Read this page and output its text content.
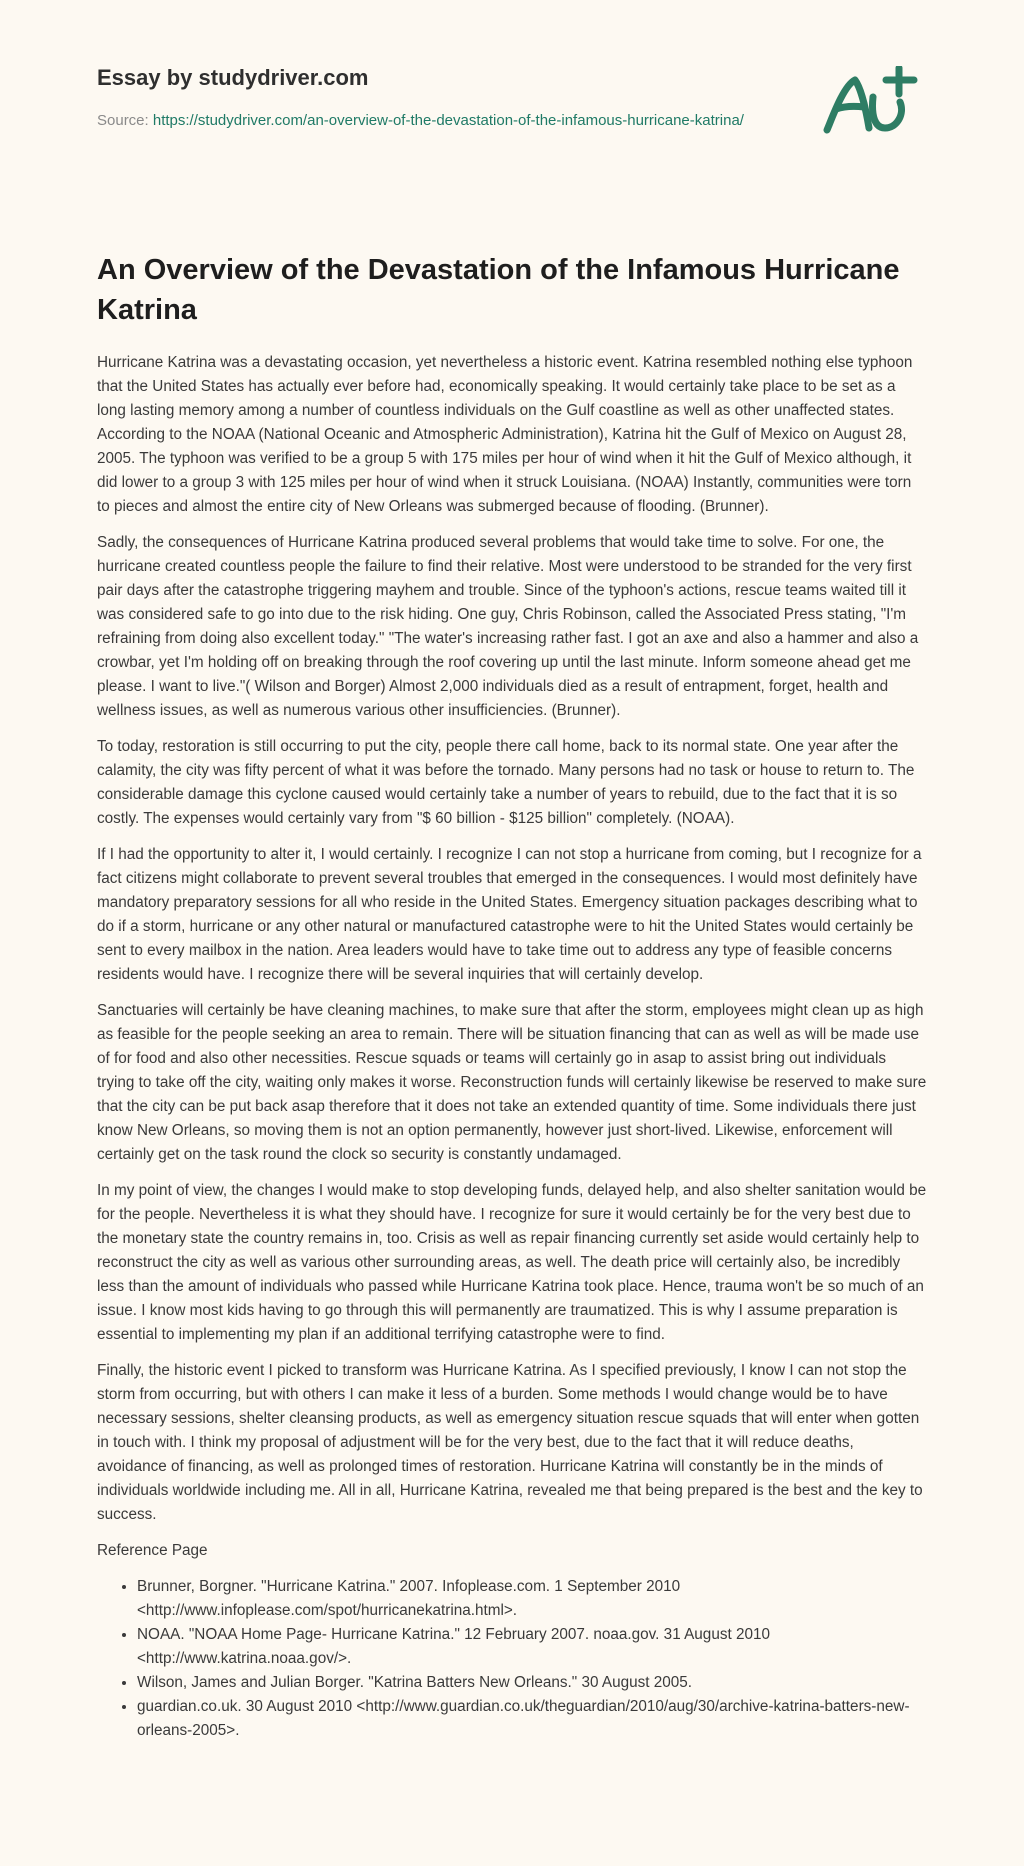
Essay by studydriver.com
Source: https://studydriver.com/an-overview-of-the-devastation-of-the-infamous-hurricane-katrina/
An Overview of the Devastation of the Infamous Hurricane Katrina

Hurricane Katrina was a devastating occasion, yet nevertheless a historic event. Katrina resembled nothing else typhoon that the United States has actually ever before had, economically speaking. It would certainly take place to be set as a long lasting memory among a number of countless individuals on the Gulf coastline as well as other unaffected states. According to the NOAA (National Oceanic and Atmospheric Administration), Katrina hit the Gulf of Mexico on August 28, 2005. The typhoon was verified to be a group 5 with 175 miles per hour of wind when it hit the Gulf of Mexico although, it did lower to a group 3 with 125 miles per hour of wind when it struck Louisiana. (NOAA) Instantly, communities were torn to pieces and almost the entire city of New Orleans was submerged because of flooding. (Brunner).

Sadly, the consequences of Hurricane Katrina produced several problems that would take time to solve. For one, the hurricane created countless people the failure to find their relative. Most were understood to be stranded for the very first pair days after the catastrophe triggering mayhem and trouble. Since of the typhoon's actions, rescue teams waited till it was considered safe to go into due to the risk hiding. One guy, Chris Robinson, called the Associated Press stating, "I'm refraining from doing also excellent today." "The water's increasing rather fast. I got an axe and also a hammer and also a crowbar, yet I'm holding off on breaking through the roof covering up until the last minute. Inform someone ahead get me please. I want to live."( Wilson and Borger) Almost 2,000 individuals died as a result of entrapment, forget, health and wellness issues, as well as numerous various other insufficiencies. (Brunner).

To today, restoration is still occurring to put the city, people there call home, back to its normal state. One year after the calamity, the city was fifty percent of what it was before the tornado. Many persons had no task or house to return to. The considerable damage this cyclone caused would certainly take a number of years to rebuild, due to the fact that it is so costly. The expenses would certainly vary from "$ 60 billion - $125 billion" completely. (NOAA).

If I had the opportunity to alter it, I would certainly. I recognize I can not stop a hurricane from coming, but I recognize for a fact citizens might collaborate to prevent several troubles that emerged in the consequences. I would most definitely have mandatory preparatory sessions for all who reside in the United States. Emergency situation packages describing what to do if a storm, hurricane or any other natural or manufactured catastrophe were to hit the United States would certainly be sent to every mailbox in the nation. Area leaders would have to take time out to address any type of feasible concerns residents would have. I recognize there will be several inquiries that will certainly develop.

Sanctuaries will certainly be have cleaning machines, to make sure that after the storm, employees might clean up as high as feasible for the people seeking an area to remain. There will be situation financing that can as well as will be made use of for food and also other necessities. Rescue squads or teams will certainly go in asap to assist bring out individuals trying to take off the city, waiting only makes it worse. Reconstruction funds will certainly likewise be reserved to make sure that the city can be put back asap therefore that it does not take an extended quantity of time. Some individuals there just know New Orleans, so moving them is not an option permanently, however just short-lived. Likewise, enforcement will certainly get on the task round the clock so security is constantly undamaged.

In my point of view, the changes I would make to stop developing funds, delayed help, and also shelter sanitation would be for the people. Nevertheless it is what they should have. I recognize for sure it would certainly be for the very best due to the monetary state the country remains in, too. Crisis as well as repair financing currently set aside would certainly help to reconstruct the city as well as various other surrounding areas, as well. The death price will certainly also, be incredibly less than the amount of individuals who passed while Hurricane Katrina took place. Hence, trauma won't be so much of an issue. I know most kids having to go through this will permanently are traumatized. This is why I assume preparation is essential to implementing my plan if an additional terrifying catastrophe were to find.

Finally, the historic event I picked to transform was Hurricane Katrina. As I specified previously, I know I can not stop the storm from occurring, but with others I can make it less of a burden. Some methods I would change would be to have necessary sessions, shelter cleansing products, as well as emergency situation rescue squads that will enter when gotten in touch with. I think my proposal of adjustment will be for the very best, due to the fact that it will reduce deaths, avoidance of financing, as well as prolonged times of restoration. Hurricane Katrina will constantly be in the minds of individuals worldwide including me. All in all, Hurricane Katrina, revealed me that being prepared is the best and the key to success.

Reference Page

• Brunner, Borgner. "Hurricane Katrina." 2007. Infoplease.com. 1 September 2010 <http://www.infoplease.com/spot/hurricanekatrina.html>.
• NOAA. "NOAA Home Page- Hurricane Katrina." 12 February 2007. noaa.gov. 31 August 2010 <http://www.katrina.noaa.gov/>.
• Wilson, James and Julian Borger. "Katrina Batters New Orleans." 30 August 2005.
• guardian.co.uk. 30 August 2010 <http://www.guardian.co.uk/theguardian/2010/aug/30/archive-katrina-batters-new- orleans-2005>.
